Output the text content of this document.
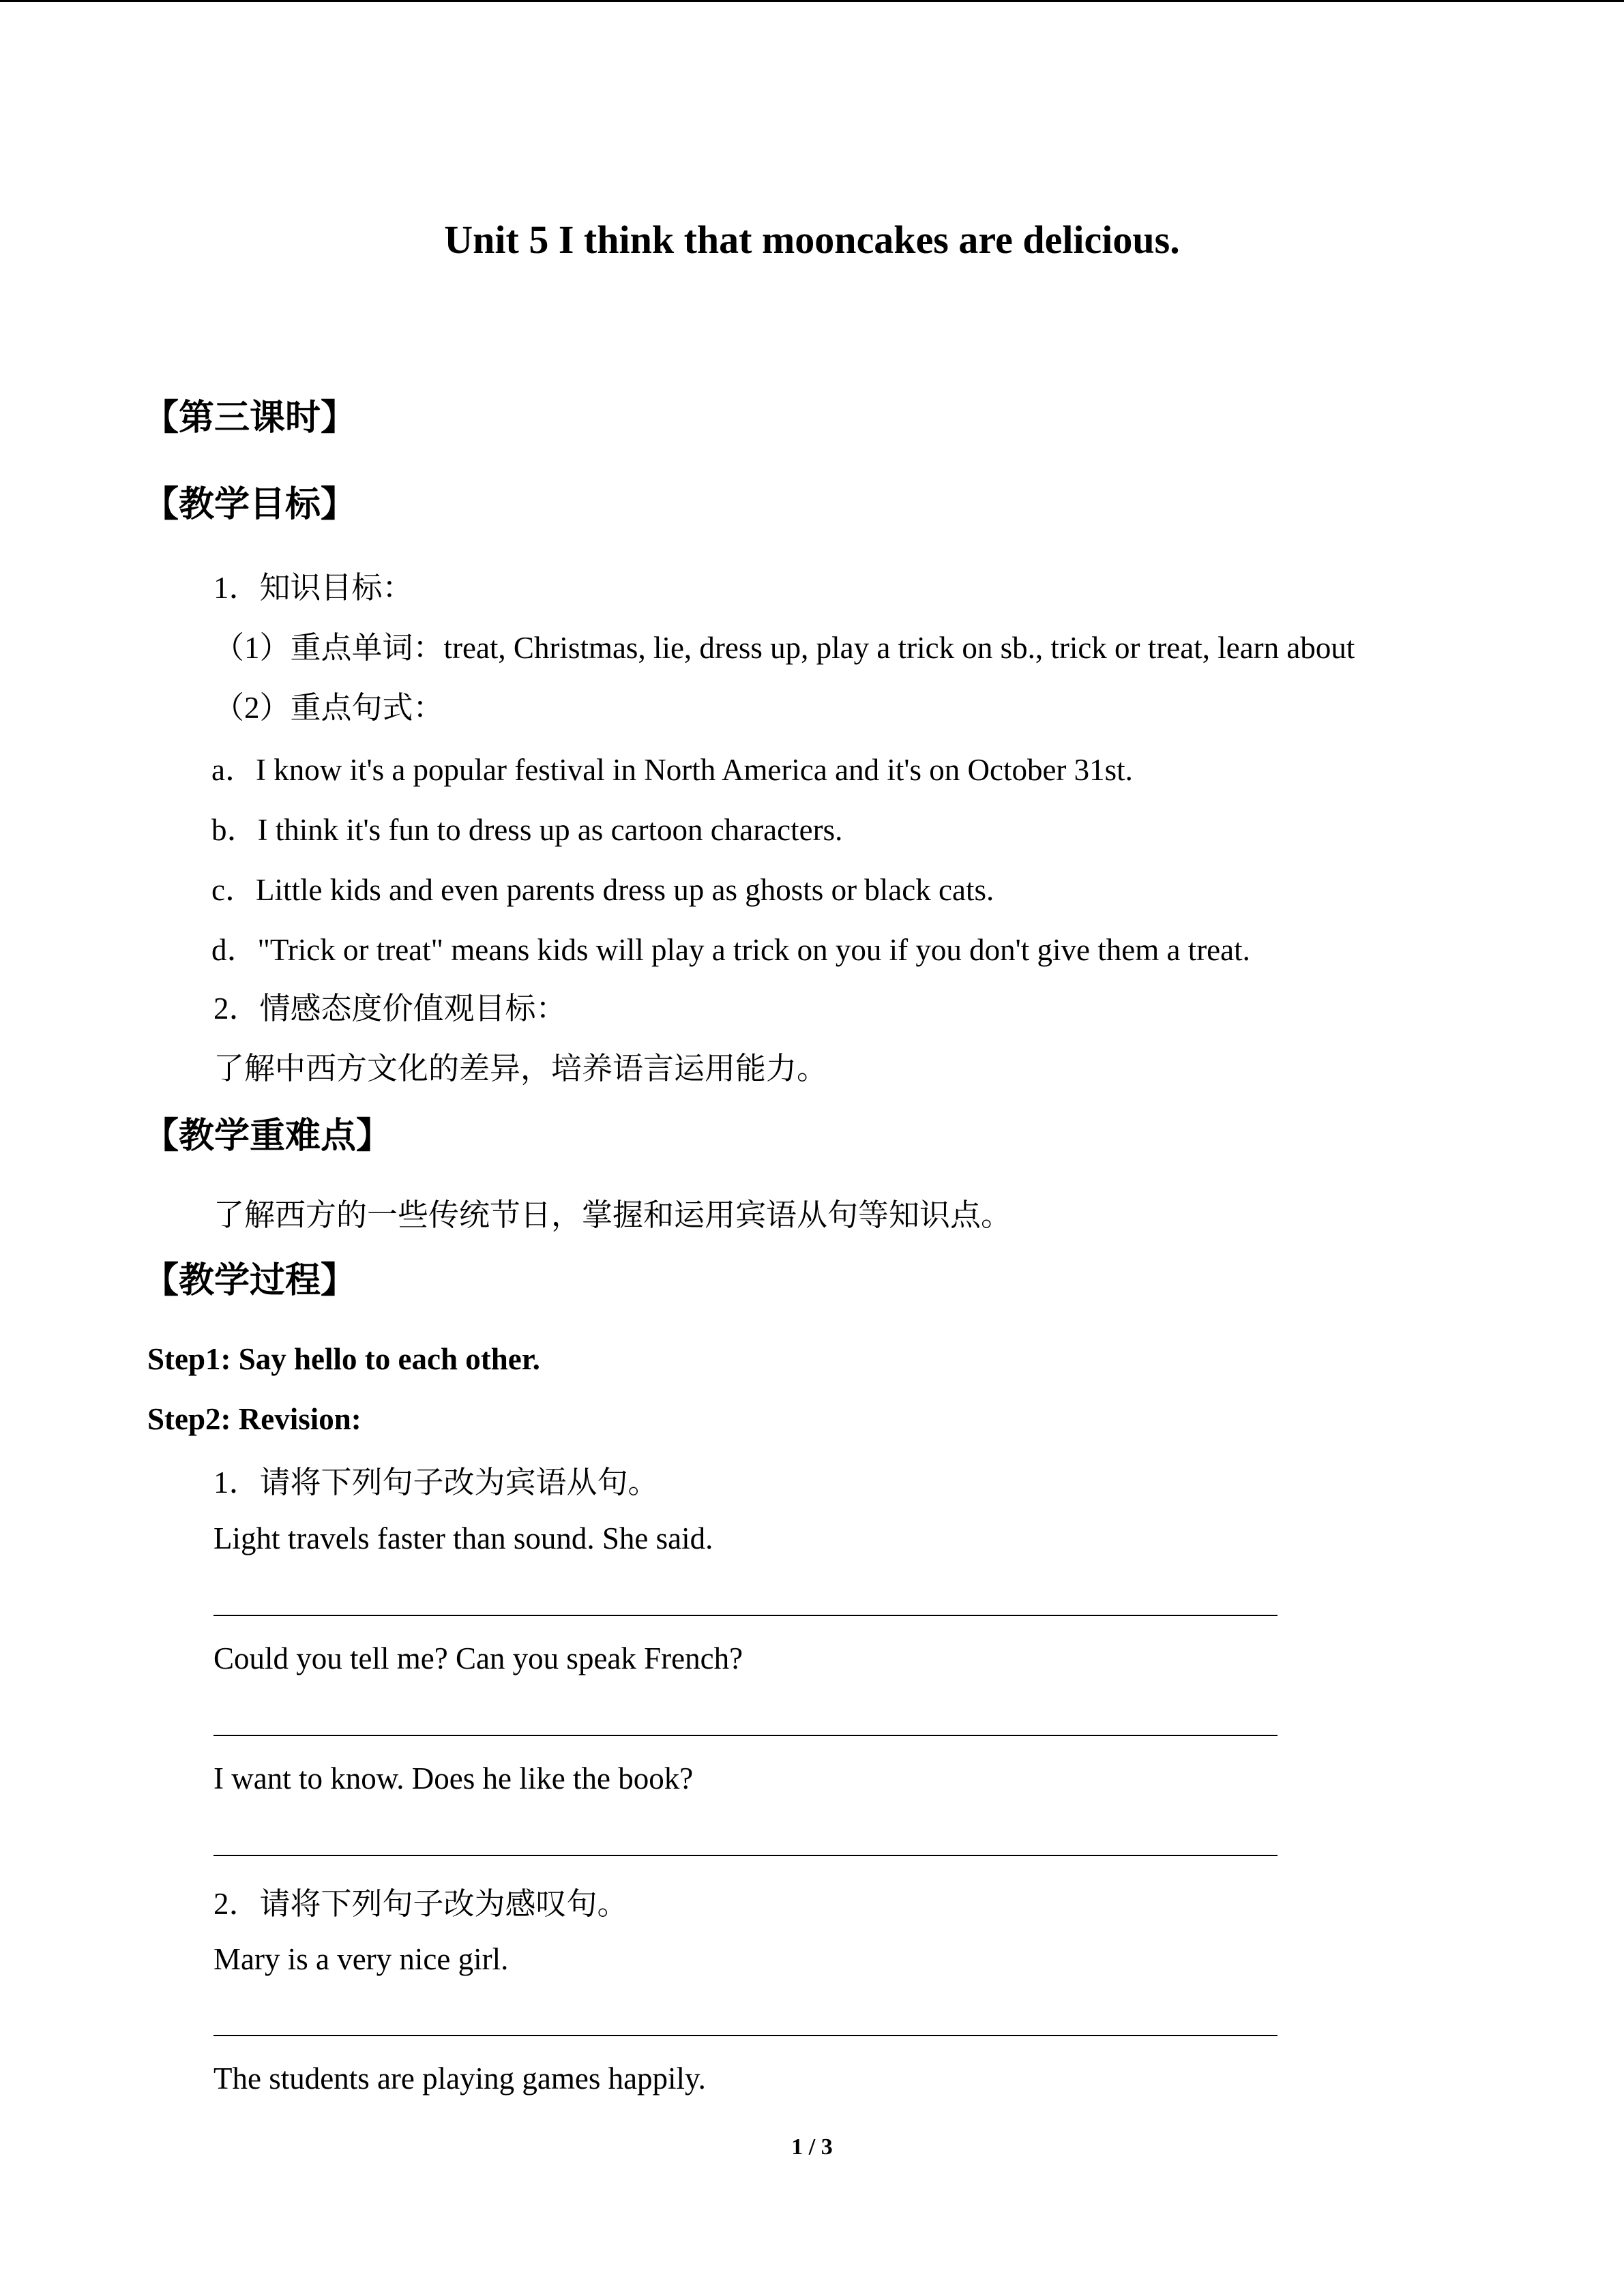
Unit 5 I think that mooncakes are delicious.
【第三课时】
【教学目标】
1．知识目标：
（1）重点单词：treat, Christmas, lie, dress up, play a trick on sb., trick or treat, learn about
（2）重点句式：
a．I know it's a popular festival in North America and it's on October 31st.
b．I think it's fun to dress up as cartoon characters.
c．Little kids and even parents dress up as ghosts or black cats.
d．"Trick or treat" means kids will play a trick on you if you don't give them a treat.
2．情感态度价值观目标：
了解中西方文化的差异，培养语言运用能力。
【教学重难点】
了解西方的一些传统节日，掌握和运用宾语从句等知识点。
【教学过程】
Step1: Say hello to each other.
Step2: Revision:
1．请将下列句子改为宾语从句。
Light travels faster than sound. She said.
Could you tell me? Can you speak French?
I want to know. Does he like the book?
2．请将下列句子改为感叹句。
Mary is a very nice girl.
The students are playing games happily.
1 / 3
